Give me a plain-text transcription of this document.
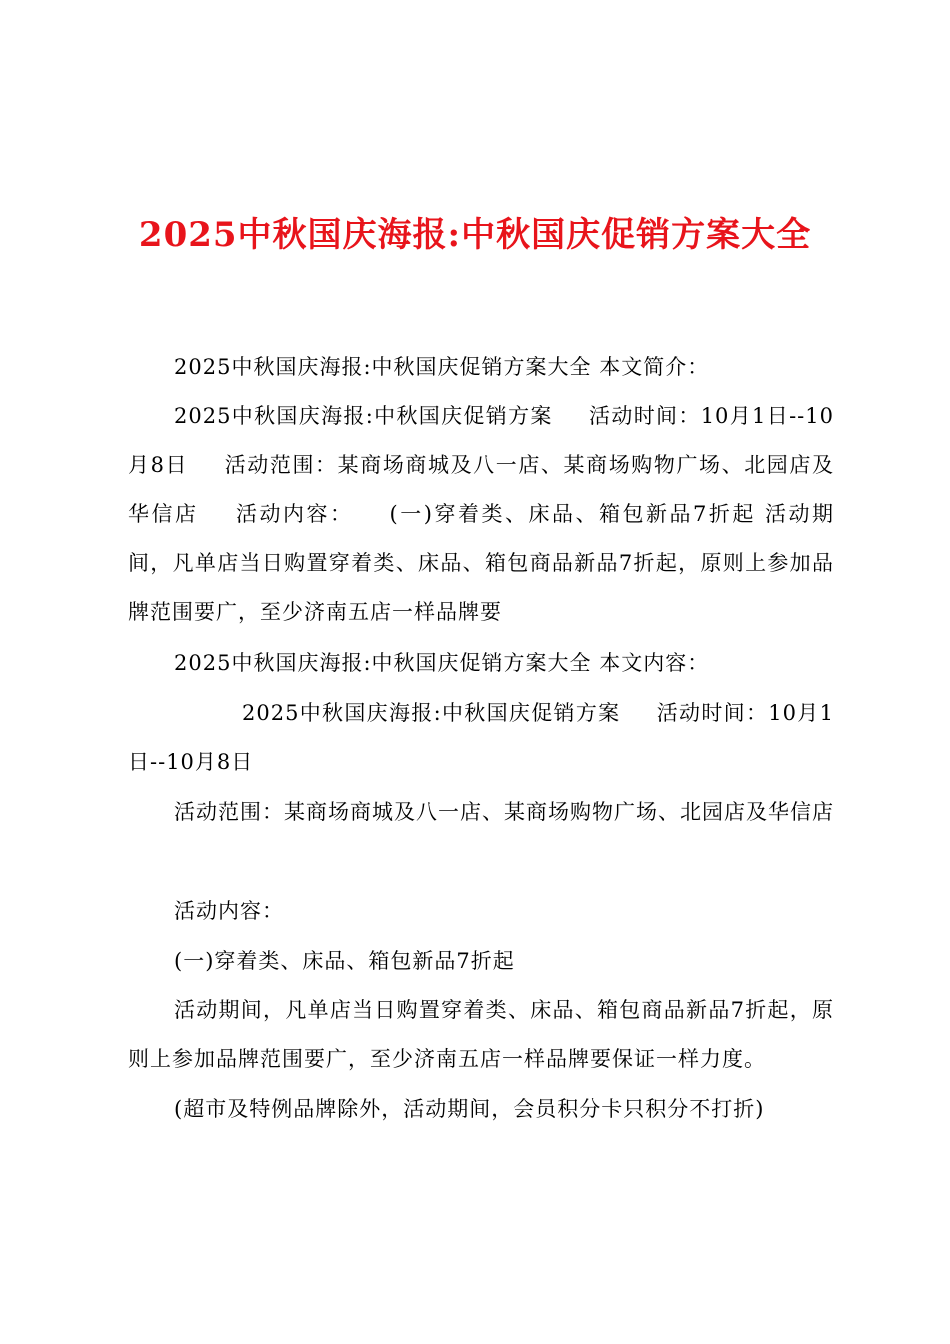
2025中秋国庆海报:中秋国庆促销方案大全
2025中秋国庆海报:中秋国庆促销方案大全 本文简介：
2025中秋国庆海报:中秋国庆促销方案 活动时间：10月1日--10月8日 活动范围：某商场商城及八一店、某商场购物广场、北园店及华信店 活动内容： (一)穿着类、床品、箱包新品7折起 活动期间，凡单店当日购置穿着类、床品、箱包商品新品7折起，原则上参加品牌范围要广，至少济南五店一样品牌要
2025中秋国庆海报:中秋国庆促销方案大全 本文内容：
2025中秋国庆海报:中秋国庆促销方案 活动时间：10月1日--10月8日
活动范围：某商场商城及八一店、某商场购物广场、北园店及华信店
活动内容：
(一)穿着类、床品、箱包新品7折起
活动期间，凡单店当日购置穿着类、床品、箱包商品新品7折起，原则上参加品牌范围要广，至少济南五店一样品牌要保证一样力度。
(超市及特例品牌除外，活动期间，会员积分卡只积分不打折)
